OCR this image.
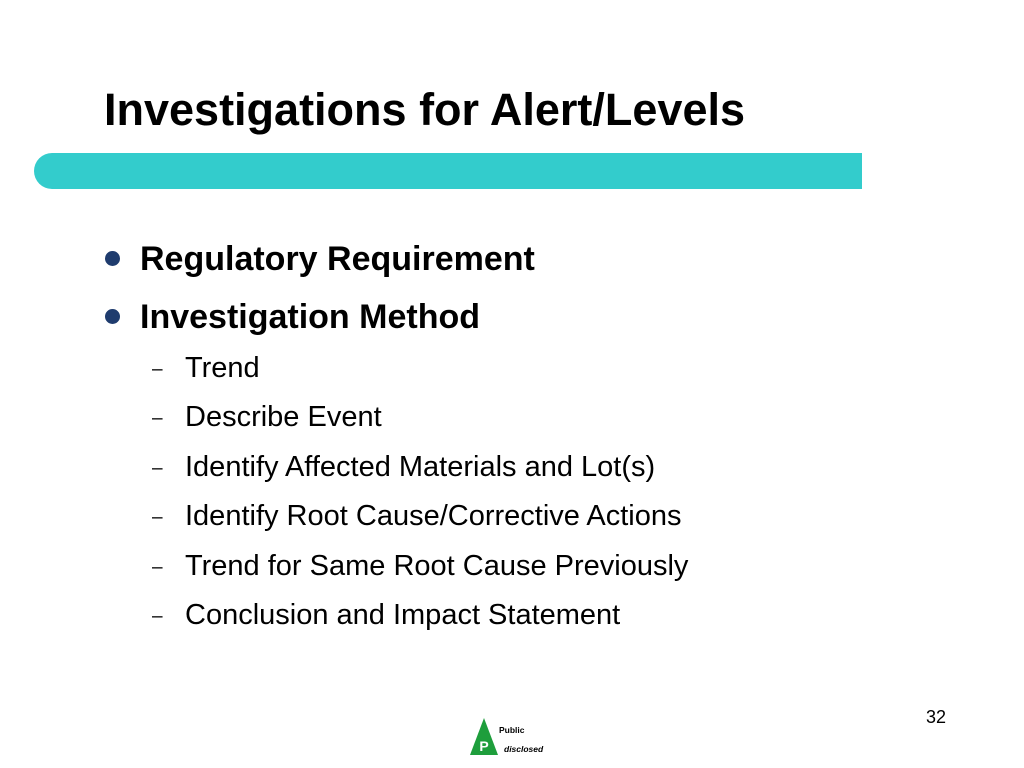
Investigations for Alert/Levels
Regulatory Requirement
Investigation Method
– Trend
– Describe Event
– Identify Affected Materials and Lot(s)
– Identify Root Cause/Corrective Actions
– Trend for Same Root Cause Previously
– Conclusion and Impact Statement
32
P
Public
disclosed
